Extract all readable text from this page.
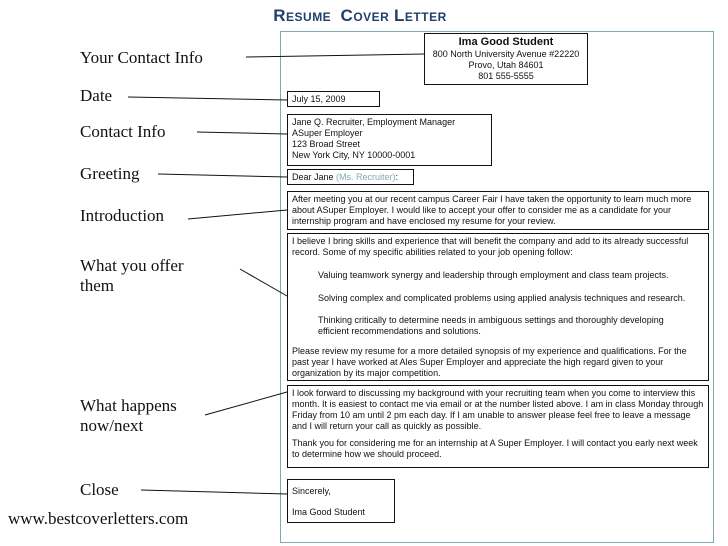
RESUME COVER LETTER
Your Contact Info
Date
Contact Info
Greeting
Introduction
What you offer
them
What happens
now/next
Close
Ima Good Student
800 North University Avenue #22220
Provo, Utah 84601
801 555-5555
July 15, 2009
Jane Q. Recruiter, Employment Manager
ASuper Employer
123 Broad Street
New York City, NY 10000-0001
Dear Jane (Ms. Recruiter):
After meeting you at our recent campus Career Fair I have taken the opportunity to learn much more about ASuper Employer. I would like to accept your offer to consider me as a candidate for your internship program and have enclosed my resume for your review.

I believe I bring skills and experience that will benefit the company and add to its already successful record. Some of my specific abilities related to your job opening follow:

Valuing teamwork synergy and leadership through employment and class team projects.

Solving complex and complicated problems using applied analysis techniques and research.

Thinking critically to determine needs in ambiguous settings and thoroughly developing efficient recommendations and solutions.

Please review my resume for a more detailed synopsis of my experience and qualifications. For the past year I have worked at Ales Super Employer and appreciate the high regard given to your organization by its major competition.

I look forward to discussing my background with your recruiting team when you come to interview this month. It is easiest to contact me via email or at the number listed above. I am in class Monday through Friday from 10 am until 2 pm each day. If I am unable to answer please feel free to leave a message and I will return your call as quickly as possible.

Thank you for considering me for an internship at A Super Employer. I will contact you early next week to determine how we should proceed.

Sincerely,
Ima Good Student
www.bestcoverletters.com
